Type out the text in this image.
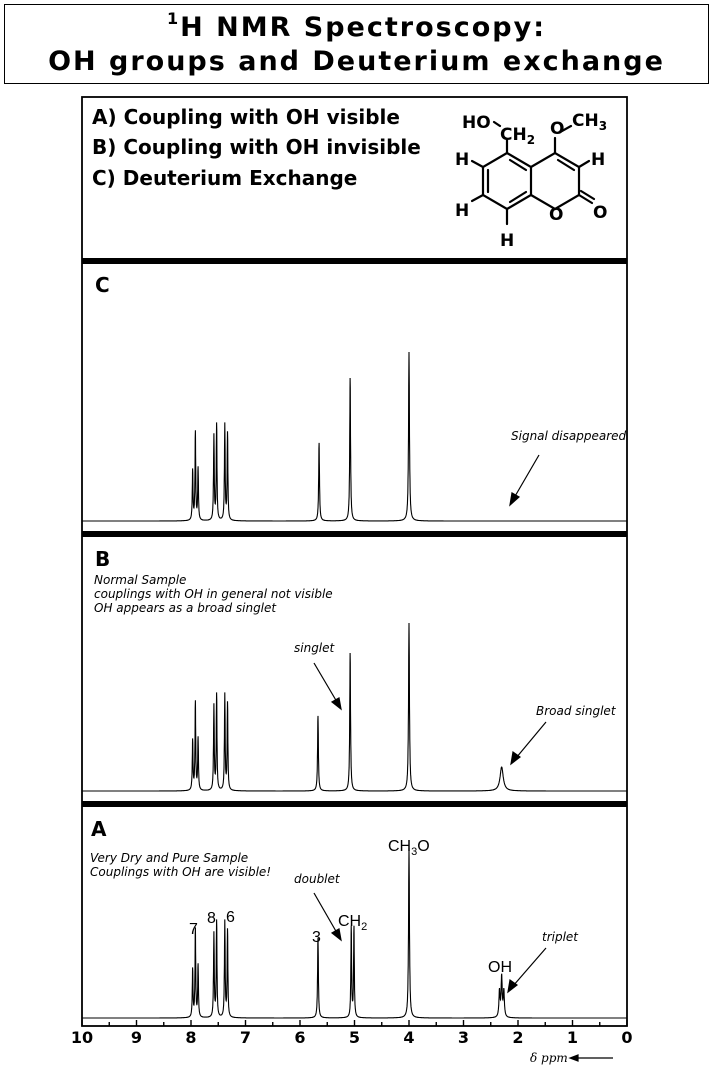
$^1$H NMR Spectroscopy:
OH groups and Deuterium exchange
A) Coupling with OH visible
B) Coupling with OH invisible
C) Deuterium Exchange
HO
$CH_2$
O $CH_3$
H
H
H
H
O O
C
Signal disappeared
B
Normal Sample
couplings with OH in general not visible
OH appears as a broad singlet
singlet
Broad singlet
A
Very Dry and Pure Sample
Couplings with OH are visible! doublet
triplet
7
8 6
3
$CH_2$
$CH_3O$
OH
10 9	8	7	6	5	4	3	2	1	0
δ ppm
